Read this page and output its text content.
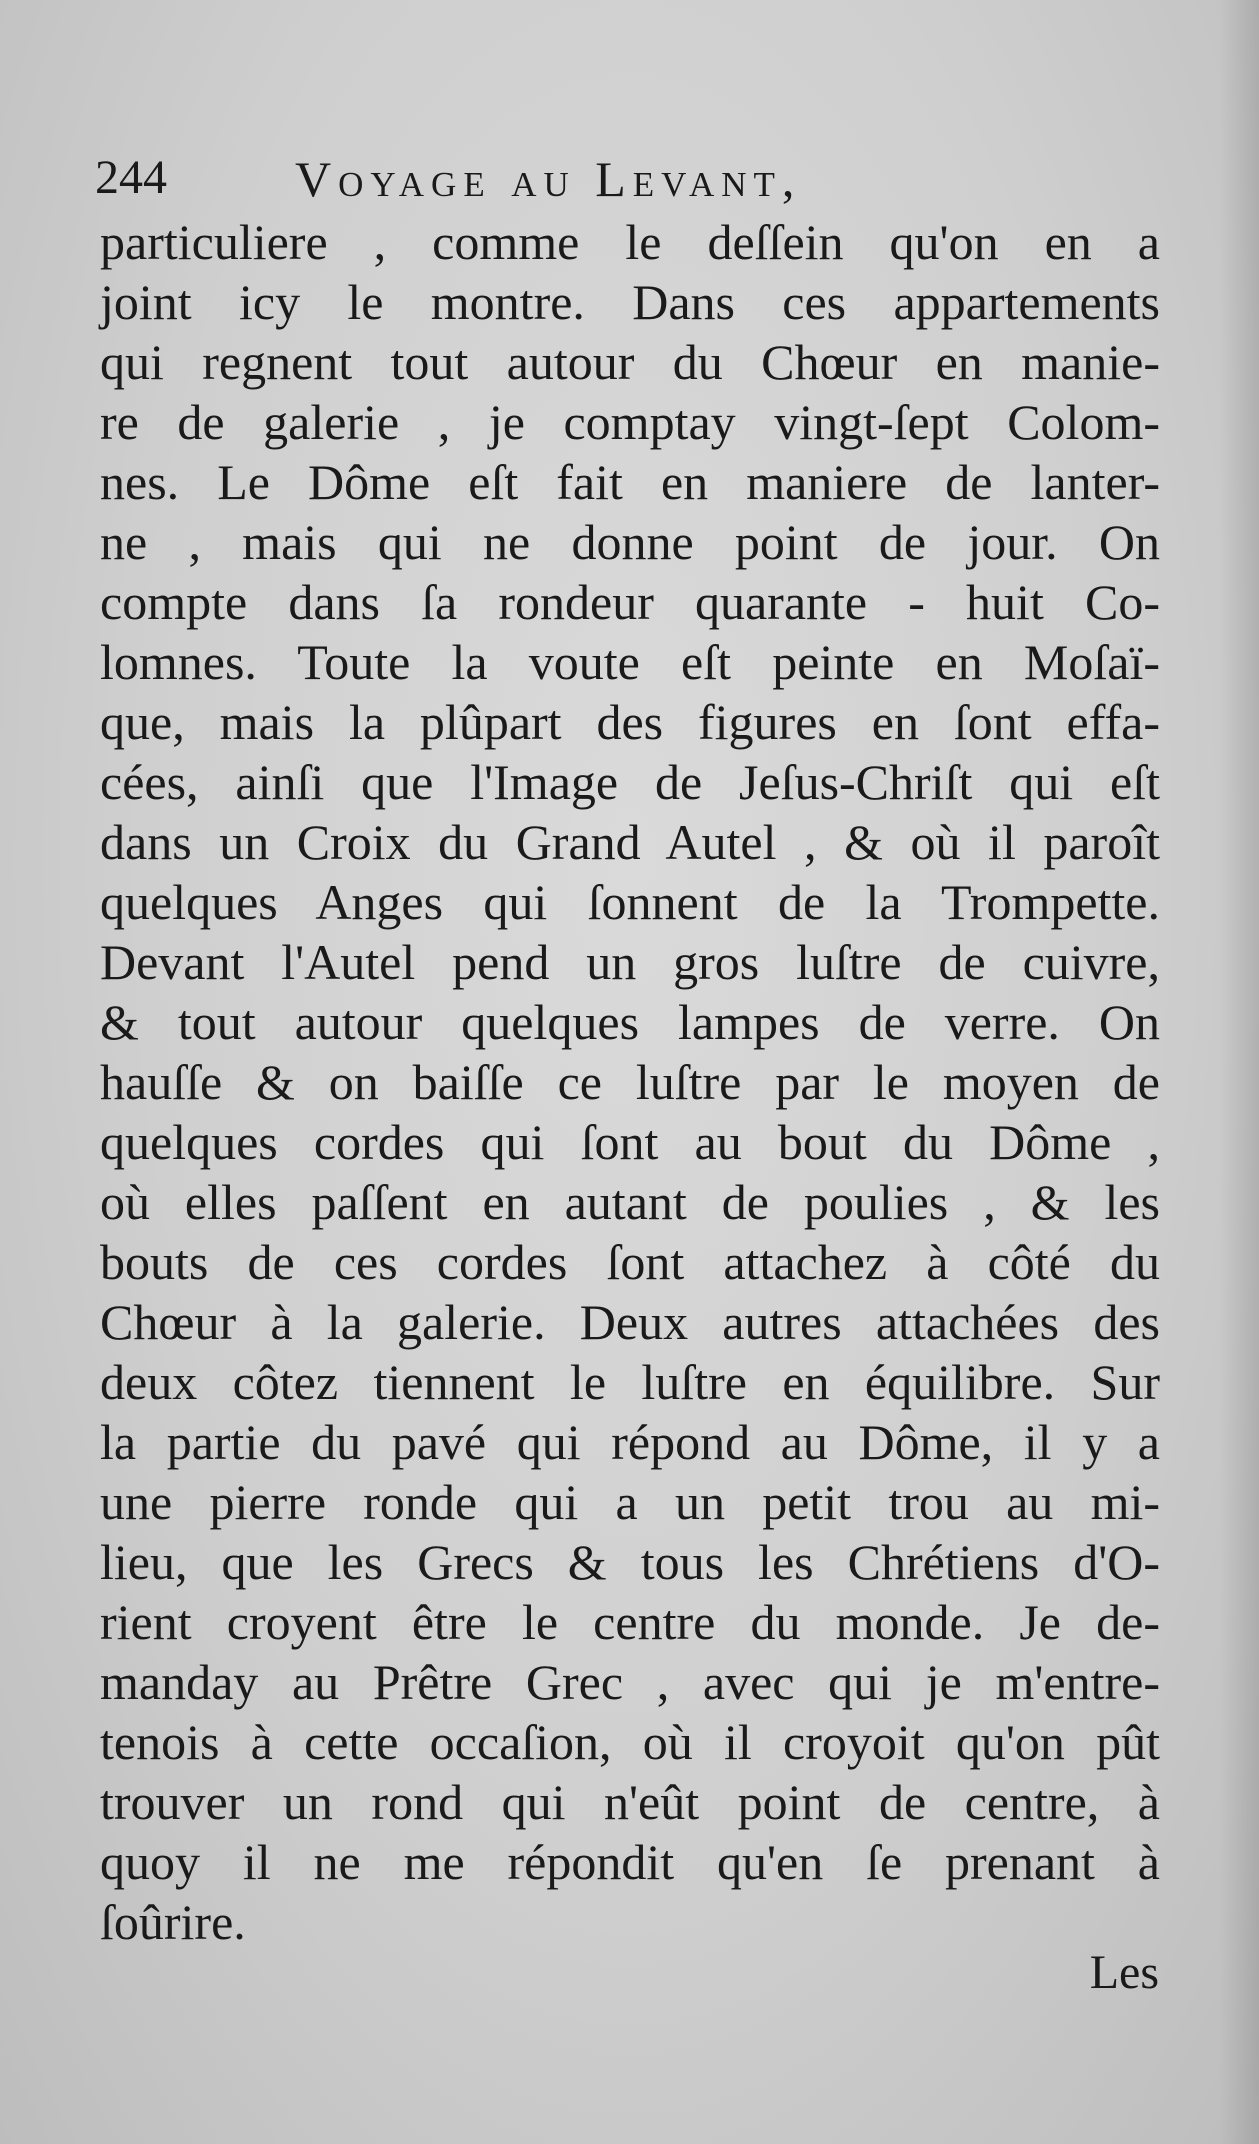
244	Voyage au Levant,
particuliere , comme le deſſein qu'on en a
joint icy le montre. Dans ces appartements
qui regnent tout autour du Chœur en manie-
re de galerie , je comptay vingt-ſept Colom-
nes. Le Dôme eſt fait en maniere de lanter-
ne , mais qui ne donne point de jour. On
compte dans ſa rondeur quarante - huit Co-
lomnes. Toute la voute eſt peinte en Moſaï-
que, mais la plûpart des figures en ſont effa-
cées, ainſi que l'Image de Jeſus-Chriſt qui eſt
dans un Croix du Grand Autel , & où il paroît
quelques Anges qui ſonnent de la Trompette.
Devant l'Autel pend un gros luſtre de cuivre,
& tout autour quelques lampes de verre. On
hauſſe & on baiſſe ce luſtre par le moyen de
quelques cordes qui ſont au bout du Dôme ,
où elles paſſent en autant de poulies , & les
bouts de ces cordes ſont attachez à côté du
Chœur à la galerie. Deux autres attachées des
deux côtez tiennent le luſtre en équilibre. Sur
la partie du pavé qui répond au Dôme, il y a
une pierre ronde qui a un petit trou au mi-
lieu, que les Grecs & tous les Chrétiens d'O-
rient croyent être le centre du monde. Je de-
manday au Prêtre Grec , avec qui je m'entre-
tenois à cette occaſion, où il croyoit qu'on pût
trouver un rond qui n'eût point de centre, à
quoy il ne me répondit qu'en ſe prenant à
ſoûrire.
Les
